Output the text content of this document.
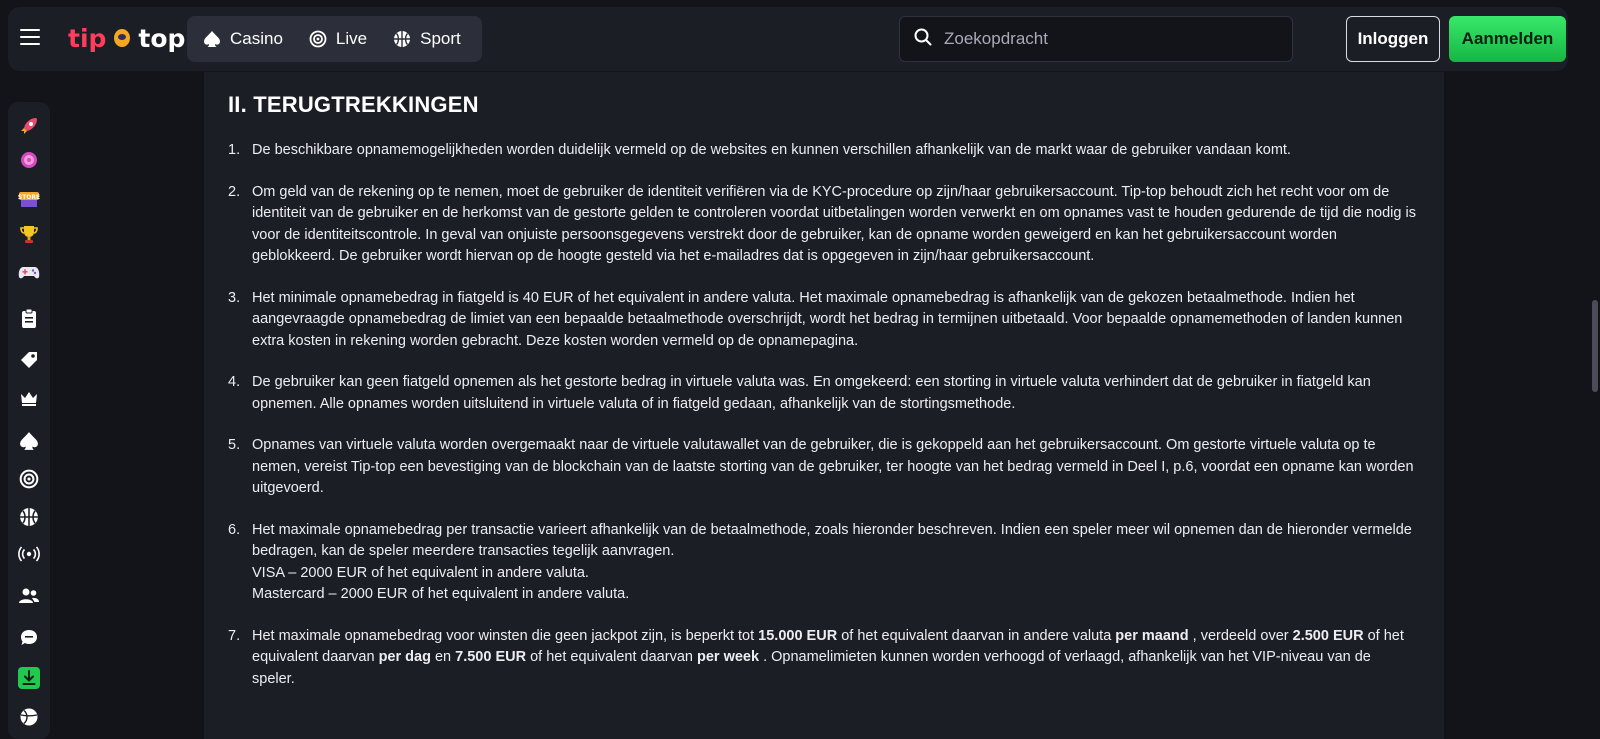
tip top	Casino	Live	Sport
Zoekopdracht	Inloggen	Aanmelden
STORE
II. TERUGTREKKINGEN
1. De beschikbare opnamemogelijkheden worden duidelijk vermeld op de websites en kunnen verschillen afhankelijk van de markt waar de gebruiker vandaan komt.
2. Om geld van de rekening op te nemen, moet de gebruiker de identiteit verifiëren via de KYC-procedure op zijn/haar gebruikersaccount. Tip-top behoudt zich het recht voor om de identiteit van de gebruiker en de herkomst van de gestorte gelden te controleren voordat uitbetalingen worden verwerkt en om opnames vast te houden gedurende de tijd die nodig is voor de identiteitscontrole. In geval van onjuiste persoonsgegevens verstrekt door de gebruiker, kan de opname worden geweigerd en kan het gebruikersaccount worden geblokkeerd. De gebruiker wordt hiervan op de hoogte gesteld via het e-mailadres dat is opgegeven in zijn/haar gebruikersaccount.
3. Het minimale opnamebedrag in fiatgeld is 40 EUR of het equivalent in andere valuta. Het maximale opnamebedrag is afhankelijk van de gekozen betaalmethode. Indien het aangevraagde opnamebedrag de limiet van een bepaalde betaalmethode overschrijdt, wordt het bedrag in termijnen uitbetaald. Voor bepaalde opnamemethoden of landen kunnen extra kosten in rekening worden gebracht. Deze kosten worden vermeld op de opnamepagina.
4. De gebruiker kan geen fiatgeld opnemen als het gestorte bedrag in virtuele valuta was. En omgekeerd: een storting in virtuele valuta verhindert dat de gebruiker in fiatgeld kan opnemen. Alle opnames worden uitsluitend in virtuele valuta of in fiatgeld gedaan, afhankelijk van de stortingsmethode.
5. Opnames van virtuele valuta worden overgemaakt naar de virtuele valutawallet van de gebruiker, die is gekoppeld aan het gebruikersaccount. Om gestorte virtuele valuta op te nemen, vereist Tip-top een bevestiging van de blockchain van de laatste storting van de gebruiker, ter hoogte van het bedrag vermeld in Deel I, p.6, voordat een opname kan worden uitgevoerd.
6. Het maximale opnamebedrag per transactie varieert afhankelijk van de betaalmethode, zoals hieronder beschreven. Indien een speler meer wil opnemen dan de hieronder vermelde bedragen, kan de speler meerdere transacties tegelijk aanvragen.
VISA – 2000 EUR of het equivalent in andere valuta.
Mastercard – 2000 EUR of het equivalent in andere valuta.
7. Het maximale opnamebedrag voor winsten die geen jackpot zijn, is beperkt tot 15.000 EUR of het equivalent daarvan in andere valuta per maand , verdeeld over 2.500 EUR of het equivalent daarvan per dag en 7.500 EUR of het equivalent daarvan per week . Opnamelimieten kunnen worden verhoogd of verlaagd, afhankelijk van het VIP-niveau van de speler.
